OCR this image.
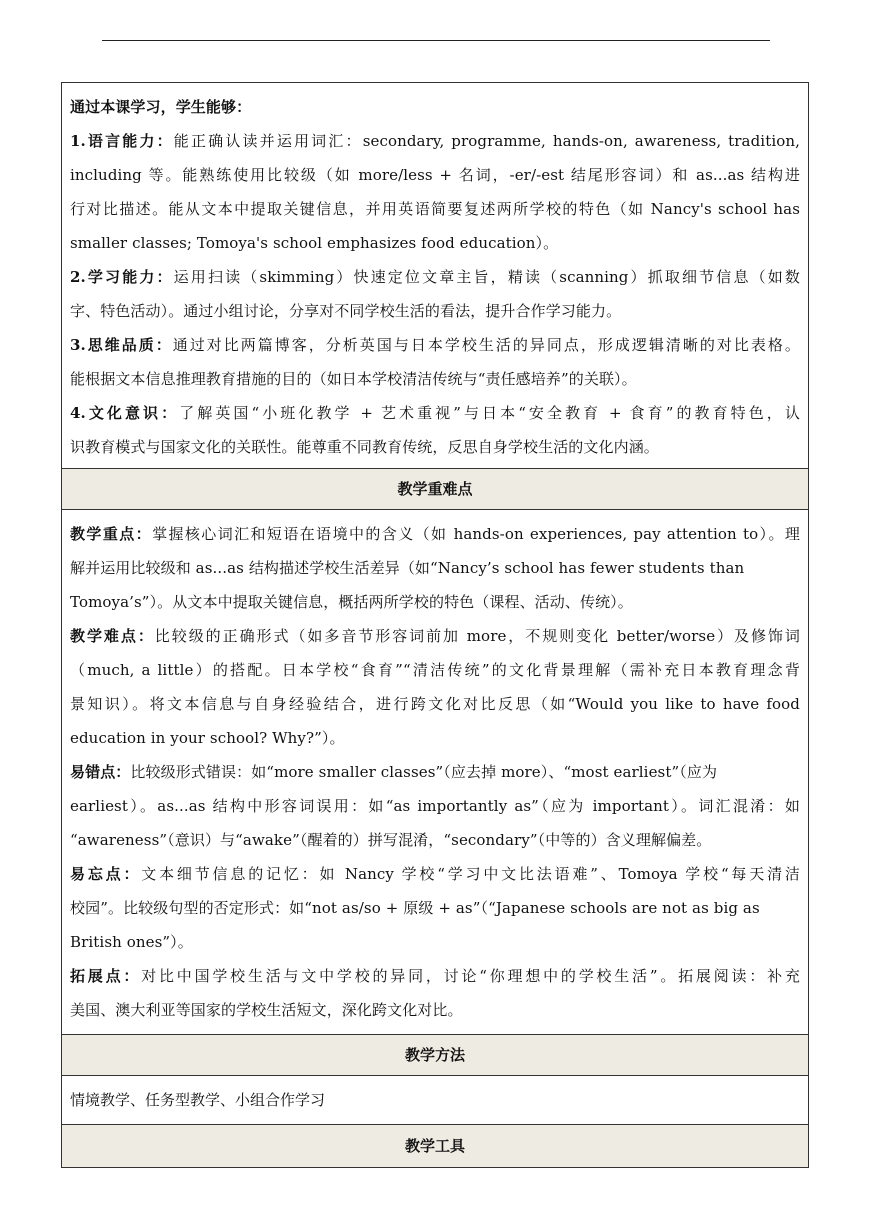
通过本课学习，学生能够：
1.语言能力：能正确认读并运用词汇：secondary, programme, hands-on, awareness, tradition,
including 等。能熟练使用比较级（如 more/less + 名词，-er/-est 结尾形容词）和 as...as 结构进
行对比描述。能从文本中提取关键信息，并用英语简要复述两所学校的特色（如 Nancy's school has
smaller classes; Tomoya's school emphasizes food education）。
2.学习能力：运用扫读（skimming）快速定位文章主旨，精读（scanning）抓取细节信息（如数
字、特色活动）。通过小组讨论，分享对不同学校生活的看法，提升合作学习能力。
3.思维品质：通过对比两篇博客，分析英国与日本学校生活的异同点，形成逻辑清晰的对比表格。
能根据文本信息推理教育措施的目的（如日本学校清洁传统与“责任感培养”的关联）。
4.文化意识：了解英国“小班化教学 + 艺术重视”与日本“安全教育 + 食育”的教育特色，认
识教育模式与国家文化的关联性。能尊重不同教育传统，反思自身学校生活的文化内涵。

教学重难点

教学重点：掌握核心词汇和短语在语境中的含义（如 hands-on experiences, pay attention to）。理
解并运用比较级和 as...as 结构描述学校生活差异（如“Nancy’s school has fewer students than
Tomoya’s”）。从文本中提取关键信息，概括两所学校的特色（课程、活动、传统）。
教学难点：比较级的正确形式（如多音节形容词前加 more，不规则变化 better/worse）及修饰词
（much, a little）的搭配。日本学校“食育”“清洁传统”的文化背景理解（需补充日本教育理念背
景知识）。将文本信息与自身经验结合，进行跨文化对比反思（如“Would you like to have food
education in your school? Why?”）。
易错点：比较级形式错误：如“more smaller classes”（应去掉 more）、“most earliest”（应为
earliest）。as...as 结构中形容词误用：如“as importantly as”（应为 important）。词汇混淆：如
“awareness”（意识）与“awake”（醒着的）拼写混淆，“secondary”（中等的）含义理解偏差。
易忘点：文本细节信息的记忆：如 Nancy 学校“学习中文比法语难”、Tomoya 学校“每天清洁
校园”。比较级句型的否定形式：如“not as/so + 原级 + as”（“Japanese schools are not as big as
British ones”）。
拓展点：对比中国学校生活与文中学校的异同，讨论“你理想中的学校生活”。拓展阅读：补充
美国、澳大利亚等国家的学校生活短文，深化跨文化对比。

教学方法

情境教学、任务型教学、小组合作学习

教学工具
